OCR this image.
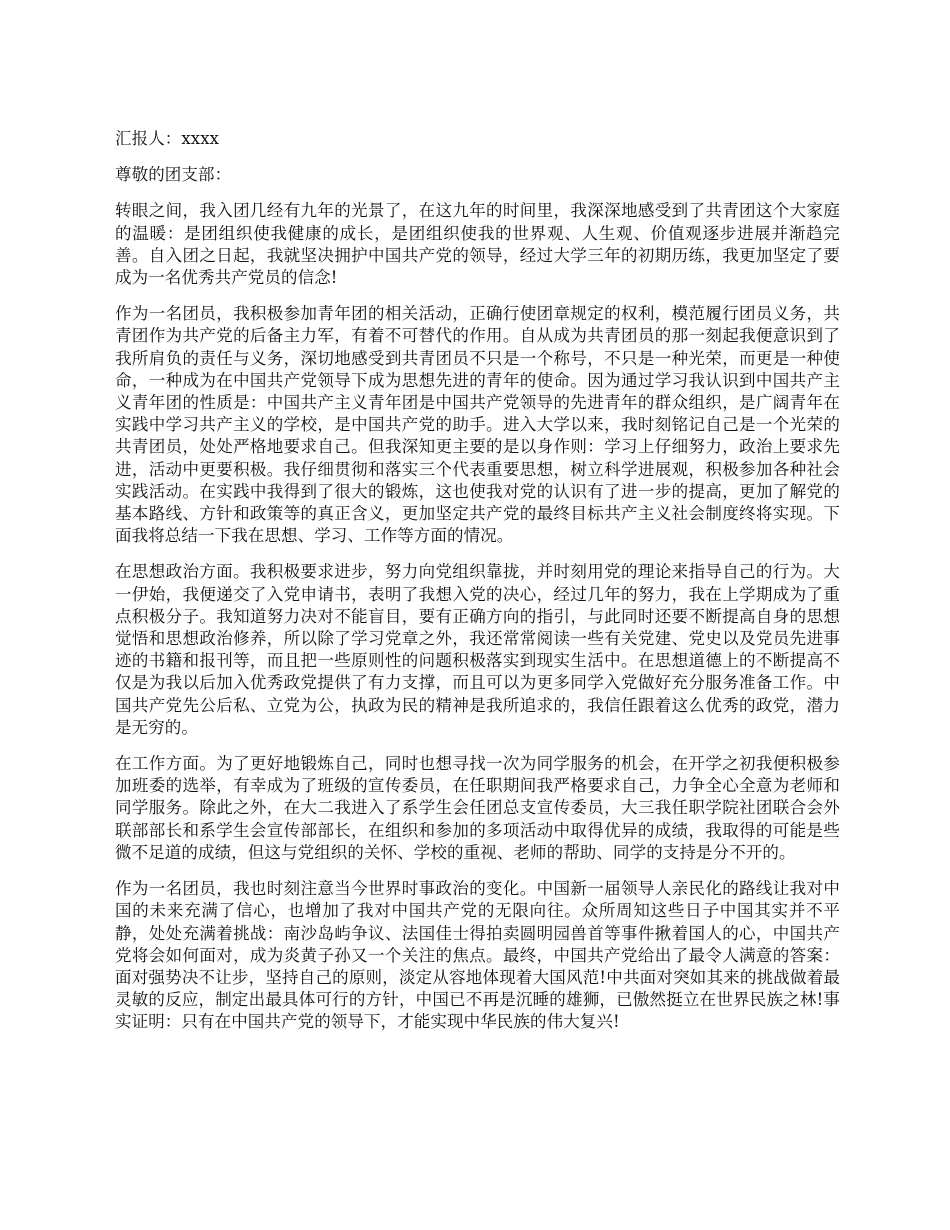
汇报人：xxxx
尊敬的团支部：

转眼之间，我入团几经有九年的光景了，在这九年的时间里，我深深地感受到了共青团这个大家庭的温暖：是团组织使我健康的成长，是团组织使我的世界观、人生观、价值观逐步进展并渐趋完善。自入团之日起，我就坚决拥护中国共产党的领导，经过大学三年的初期历练，我更加坚定了要成为一名优秀共产党员的信念!

作为一名团员，我积极参加青年团的相关活动，正确行使团章规定的权利，模范履行团员义务，共青团作为共产党的后备主力军，有着不可替代的作用。自从成为共青团员的那一刻起我便意识到了我所肩负的责任与义务，深切地感受到共青团员不只是一个称号，不只是一种光荣，而更是一种使命，一种成为在中国共产党领导下成为思想先进的青年的使命。因为通过学习我认识到中国共产主义青年团的性质是：中国共产主义青年团是中国共产党领导的先进青年的群众组织，是广阔青年在实践中学习共产主义的学校，是中国共产党的助手。进入大学以来，我时刻铭记自己是一个光荣的共青团员，处处严格地要求自己。但我深知更主要的是以身作则：学习上仔细努力，政治上要求先进，活动中更要积极。我仔细贯彻和落实三个代表重要思想，树立科学进展观，积极参加各种社会实践活动。在实践中我得到了很大的锻炼，这也使我对党的认识有了进一步的提高，更加了解党的基本路线、方针和政策等的真正含义，更加坚定共产党的最终目标共产主义社会制度终将实现。下面我将总结一下我在思想、学习、工作等方面的情况。

在思想政治方面。我积极要求进步，努力向党组织靠拢，并时刻用党的理论来指导自己的行为。大一伊始，我便递交了入党申请书，表明了我想入党的决心，经过几年的努力，我在上学期成为了重点积极分子。我知道努力决对不能盲目，要有正确方向的指引，与此同时还要不断提高自身的思想觉悟和思想政治修养，所以除了学习党章之外，我还常常阅读一些有关党建、党史以及党员先进事迹的书籍和报刊等，而且把一些原则性的问题积极落实到现实生活中。在思想道德上的不断提高不仅是为我以后加入优秀政党提供了有力支撑，而且可以为更多同学入党做好充分服务准备工作。中国共产党先公后私、立党为公，执政为民的精神是我所追求的，我信任跟着这么优秀的政党，潜力是无穷的。

在工作方面。为了更好地锻炼自己，同时也想寻找一次为同学服务的机会，在开学之初我便积极参加班委的选举，有幸成为了班级的宣传委员，在任职期间我严格要求自己，力争全心全意为老师和同学服务。除此之外，在大二我进入了系学生会任团总支宣传委员，大三我任职学院社团联合会外联部部长和系学生会宣传部部长，在组织和参加的多项活动中取得优异的成绩，我取得的可能是些微不足道的成绩，但这与党组织的关怀、学校的重视、老师的帮助、同学的支持是分不开的。

作为一名团员，我也时刻注意当今世界时事政治的变化。中国新一届领导人亲民化的路线让我对中国的未来充满了信心，也增加了我对中国共产党的无限向往。众所周知这些日子中国其实并不平静，处处充满着挑战：南沙岛屿争议、法国佳士得拍卖圆明园兽首等事件揪着国人的心，中国共产党将会如何面对，成为炎黄子孙又一个关注的焦点。最终，中国共产党给出了最令人满意的答案：面对强势决不让步，坚持自己的原则，淡定从容地体现着大国风范!中共面对突如其来的挑战做着最灵敏的反应，制定出最具体可行的方针，中国已不再是沉睡的雄狮，已傲然挺立在世界民族之林!事实证明：只有在中国共产党的领导下，才能实现中华民族的伟大复兴!
